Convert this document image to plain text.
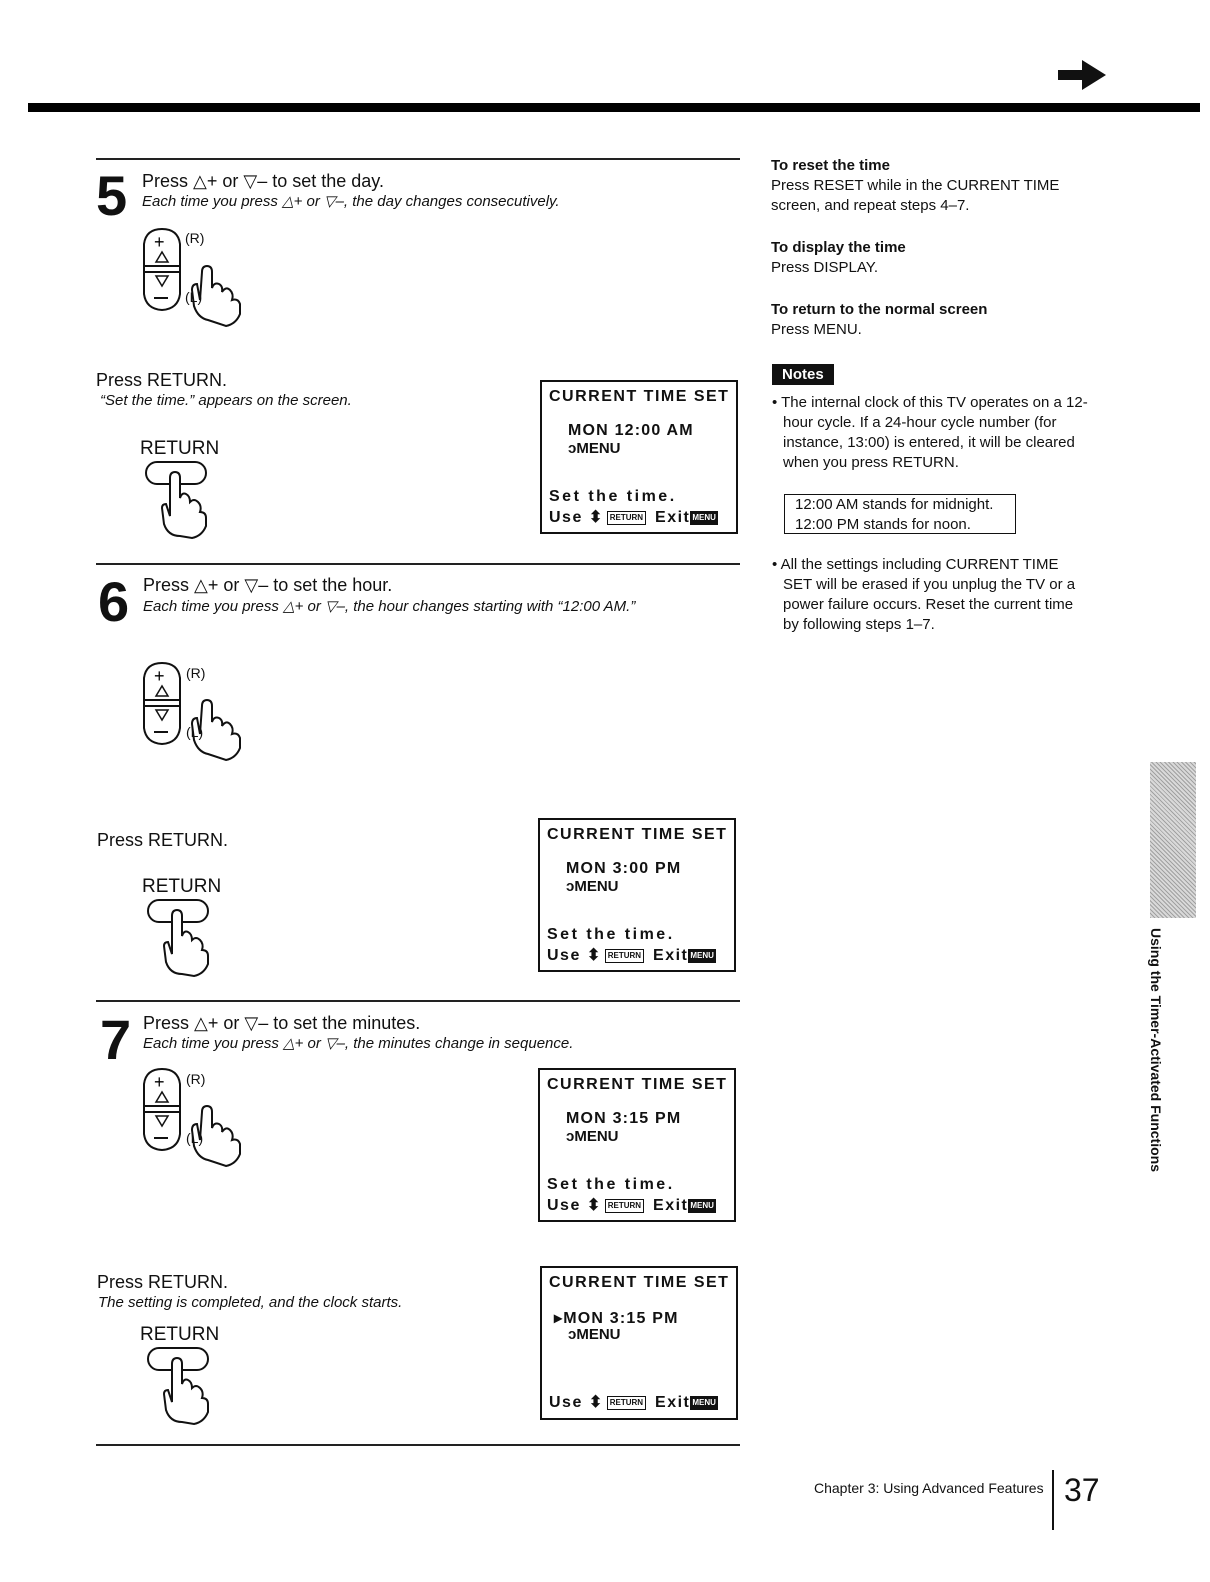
5 Press △+ or ▽– to set the day.
Each time you press △+ or ▽–, the day changes consecutively.
+ (R)
(L)
Press RETURN.
“Set the time.” appears on the screen.
RETURN
CURRENT TIME SET
MON 12:00 AM
ↄMENU
Set the time.
Use ⬍ RETURN Exit MENU
6 Press △+ or ▽– to set the hour.
Each time you press △+ or ▽–, the hour changes starting with “12:00 AM.”
+ (R)
(L)
Press RETURN.
RETURN
CURRENT TIME SET
MON 3:00 PM
ↄMENU
Set the time.
Use ⬍ RETURN Exit MENU
7 Press △+ or ▽– to set the minutes.
Each time you press △+ or ▽–, the minutes change in sequence.
+ (R)
(L)
CURRENT TIME SET
MON 3:15 PM
ↄMENU
Set the time.
Use ⬍ RETURN Exit MENU
Press RETURN.
The setting is completed, and the clock starts.
RETURN
CURRENT TIME SET
▸MON 3:15 PM
ↄMENU
Use ⬍ RETURN Exit MENU
To reset the time
Press RESET while in the CURRENT TIME
screen, and repeat steps 4–7.
To display the time
Press DISPLAY.
To return to the normal screen
Press MENU.
Notes
• The internal clock of this TV operates on a 12-
hour cycle. If a 24-hour cycle number (for
instance, 13:00) is entered, it will be cleared
when you press RETURN.
12:00 AM stands for midnight.
12:00 PM stands for noon.
• All the settings including CURRENT TIME
SET will be erased if you unplug the TV or a
power failure occurs. Reset the current time
by following steps 1–7.
Using the Timer-Activated Functions
Chapter 3: Using Advanced Features 37
